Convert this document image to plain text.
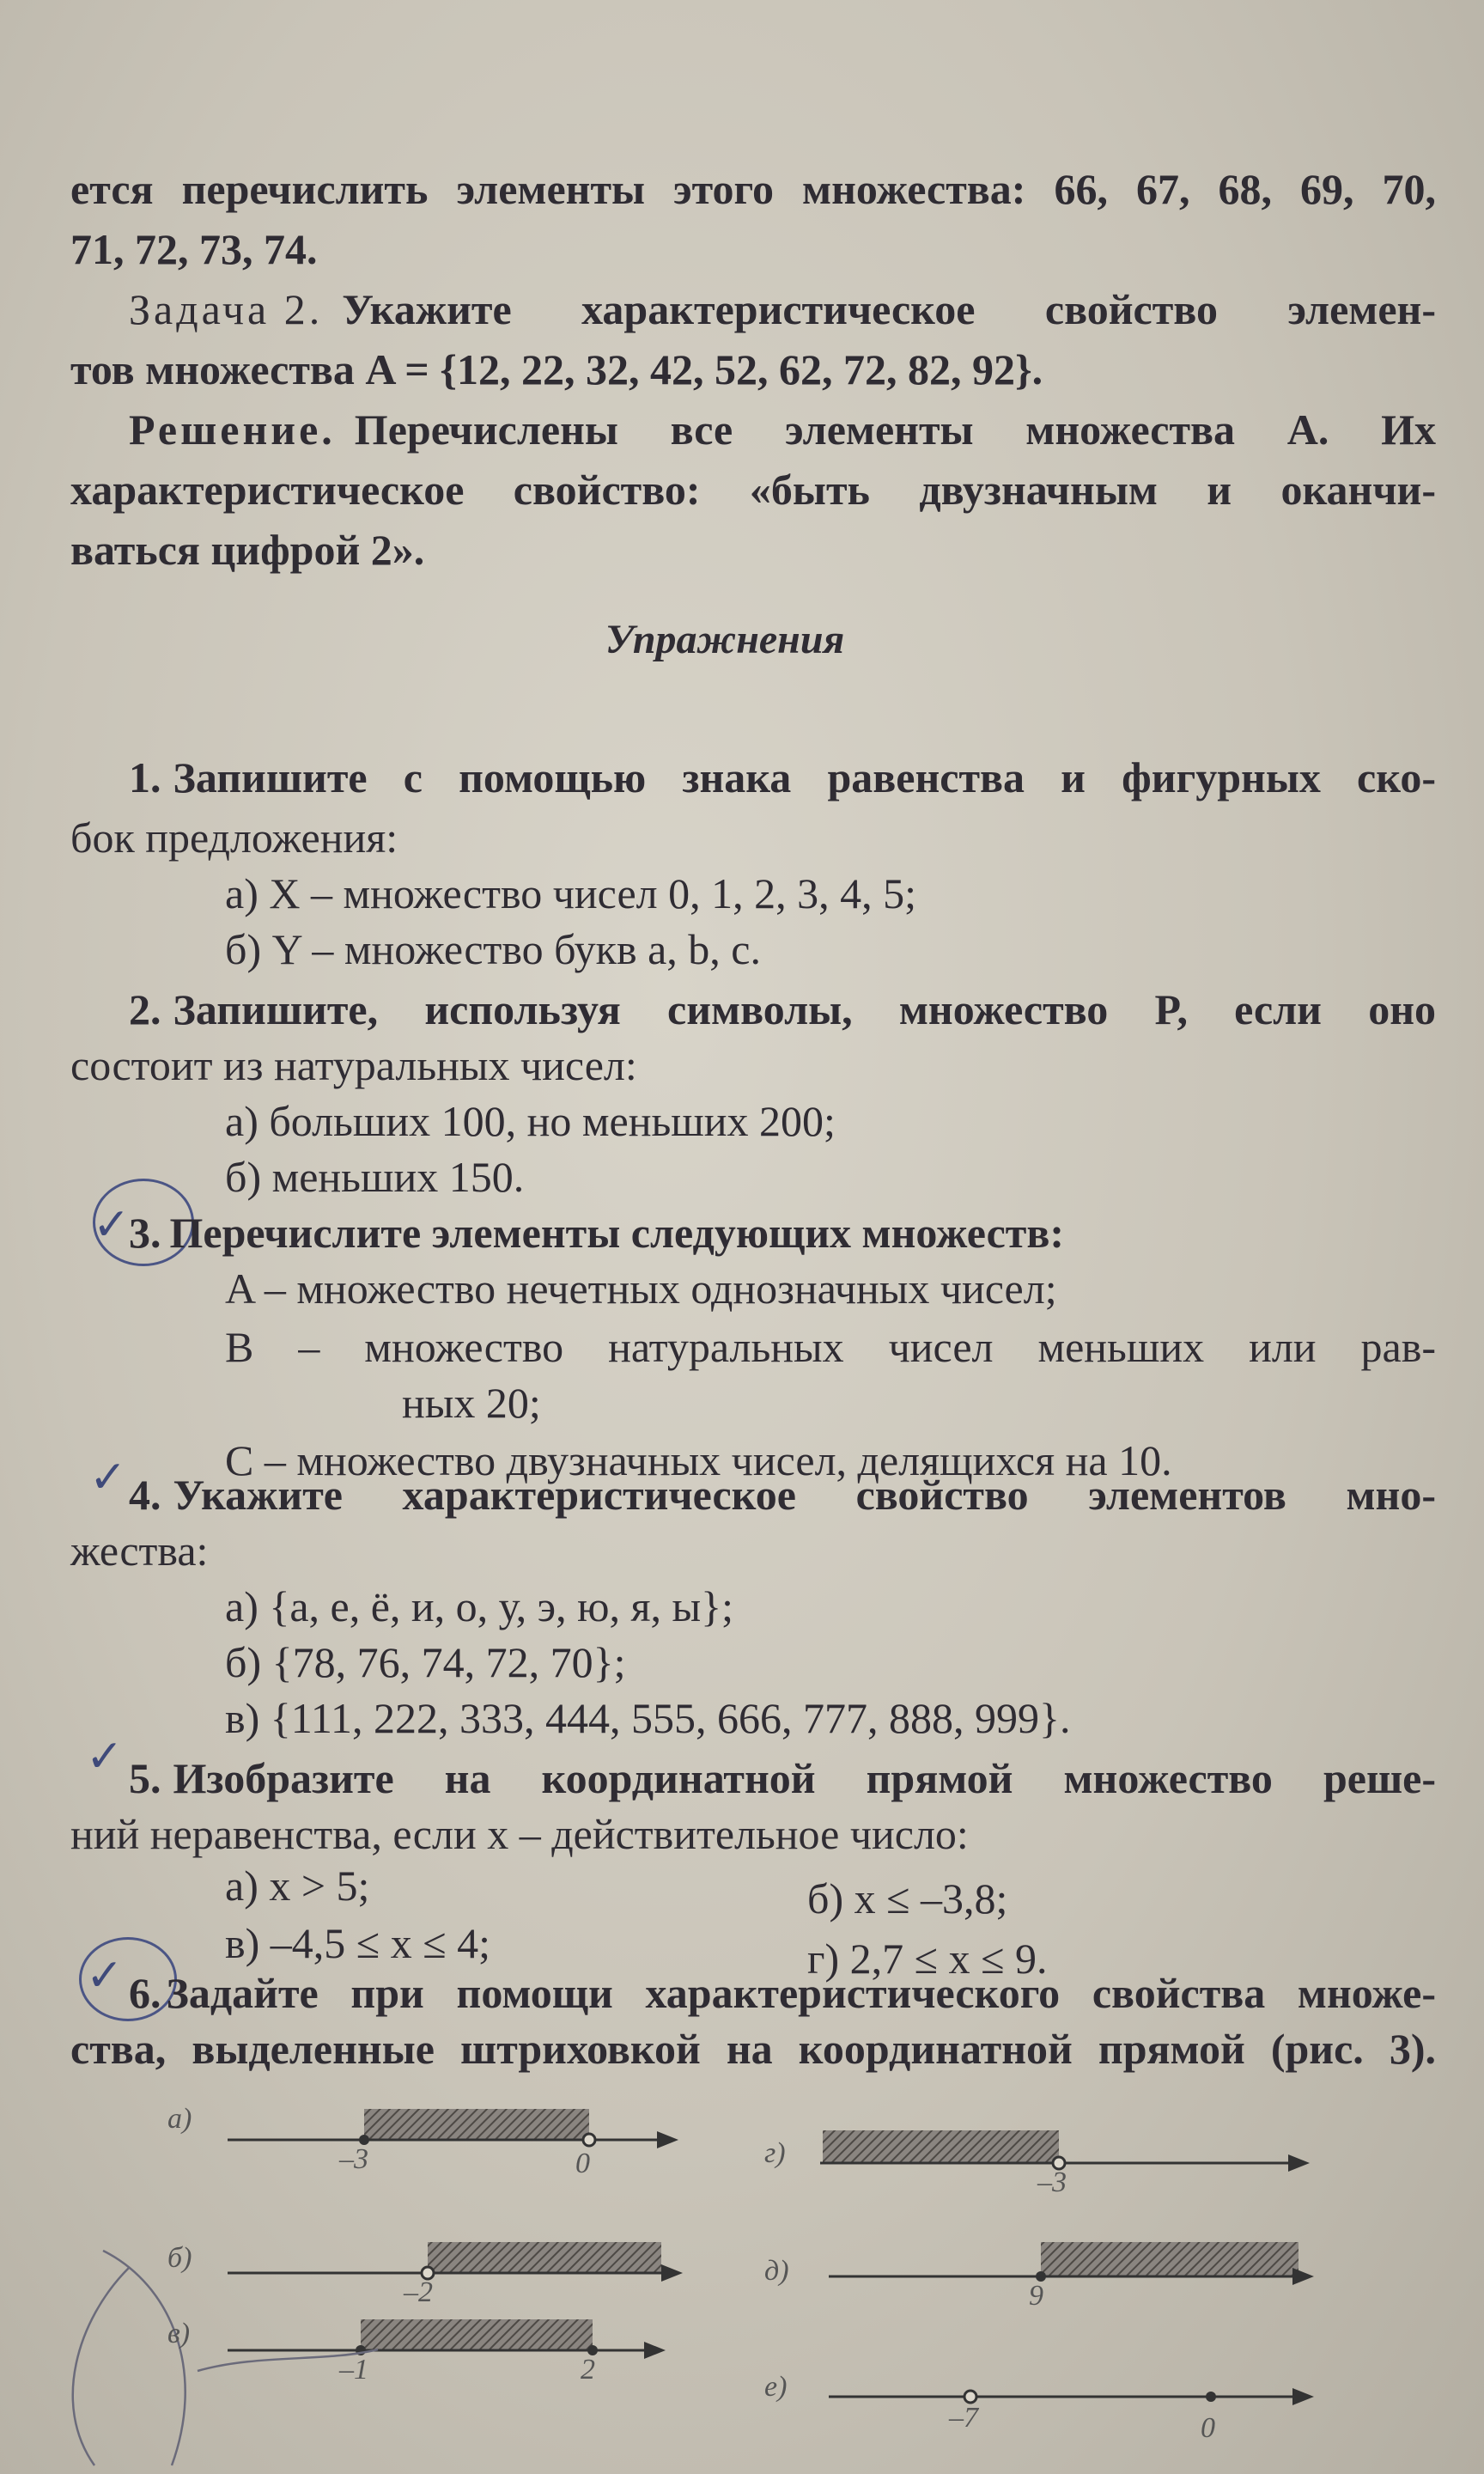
ется перечислить элементы этого множества: 66, 67, 68, 69, 70,
71, 72, 73, 74.
Задача 2. Укажите характеристическое свойство элемен-
тов множества A = {12, 22, 32, 42, 52, 62, 72, 82, 92}.
Решение. Перечислены все элементы множества A. Их
характеристическое свойство: «быть двузначным и оканчи-
ваться цифрой 2».
Упражнения
1. Запишите с помощью знака равенства и фигурных ско-
бок предложения:
а) X – множество чисел 0, 1, 2, 3, 4, 5;
б) Y – множество букв a, b, c.
2. Запишите, используя символы, множество P, если оно
состоит из натуральных чисел:
а) больших 100, но меньших 200;
б) меньших 150.
✓
3. Перечислите элементы следующих множеств:
A – множество нечетных однозначных чисел;
B – множество натуральных чисел меньших или рав-
ных 20;
C – множество двузначных чисел, делящихся на 10.
✓ 4. Укажите характеристическое свойство элементов мно-
жества:
а) {а, е, ё, и, о, у, э, ю, я, ы};
б) {78, 76, 74, 72, 70};
в) {111, 222, 333, 444, 555, 666, 777, 888, 999}.
✓ 5. Изобразите на координатной прямой множество реше-
ний неравенства, если x – действительное число:
а) x > 5;	б) x ≤ –3,8;
в) –4,5 ≤ x ≤ 4;	г) 2,7 ≤ x ≤ 9.
✓ 6. Задайте при помощи характеристического свойства множе-
ства, выделенные штриховкой на координатной прямой (рис. 3).
а)
–3	0
б)
–2
в)
–1	2
г)
–3
д)
9
е)
–7	0
